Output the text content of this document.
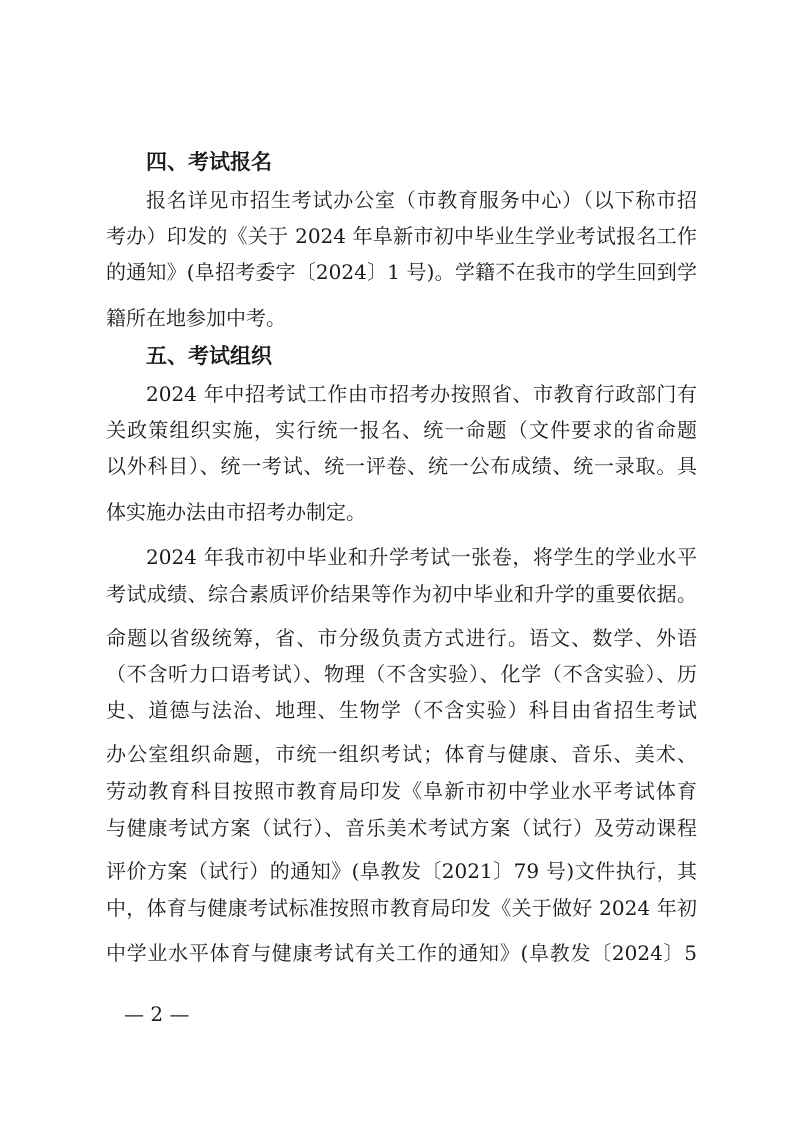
四、考试报名
报名详见市招生考试办公室（市教育服务中心）（以下称市招
考办）印发的《关于 2024 年阜新市初中毕业生学业考试报名工作
的通知》(阜招考委字〔2024〕1 号)。学籍不在我市的学生回到学
籍所在地参加中考。
五、考试组织
2024 年中招考试工作由市招考办按照省、市教育行政部门有
关政策组织实施，实行统一报名、统一命题（文件要求的省命题
以外科目）、统一考试、统一评卷、统一公布成绩、统一录取。具
体实施办法由市招考办制定。
2024 年我市初中毕业和升学考试一张卷，将学生的学业水平
考试成绩、综合素质评价结果等作为初中毕业和升学的重要依据。
命题以省级统筹，省、市分级负责方式进行。语文、数学、外语
（不含听力口语考试）、物理（不含实验）、化学（不含实验）、历
史、道德与法治、地理、生物学（不含实验）科目由省招生考试
办公室组织命题，市统一组织考试；体育与健康、音乐、美术、
劳动教育科目按照市教育局印发《阜新市初中学业水平考试体育
与健康考试方案（试行）、音乐美术考试方案（试行）及劳动课程
评价方案（试行）的通知》(阜教发〔2021〕79 号)文件执行，其
中，体育与健康考试标准按照市教育局印发《关于做好 2024 年初
中学业水平体育与健康考试有关工作的通知》(阜教发〔2024〕5
— 2 —
